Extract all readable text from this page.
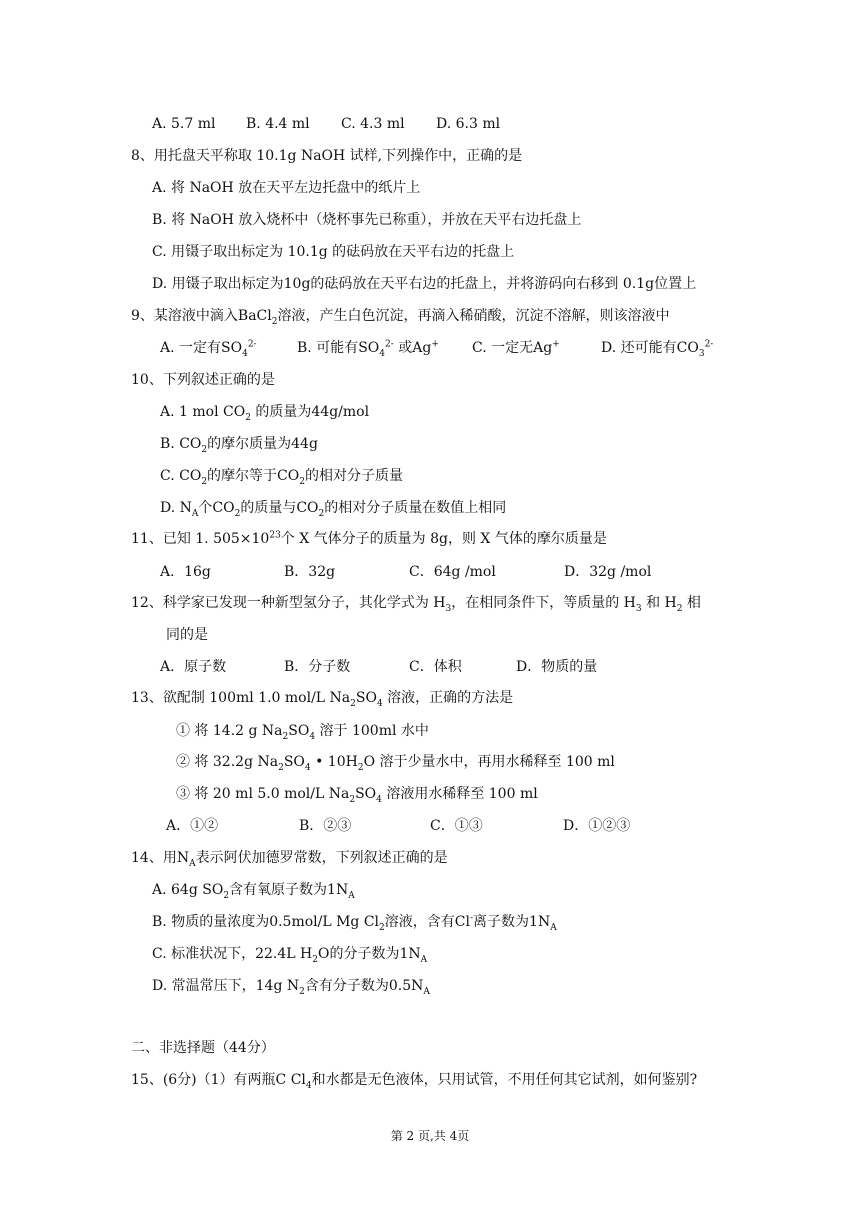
A. 5.7 ml B. 4.4 ml C. 4.3 ml D. 6.3 ml
8、用托盘天平称取 10.1g NaOH 试样,下列操作中，正确的是
A. 将 NaOH 放在天平左边托盘中的纸片上
B. 将 NaOH 放入烧杯中（烧杯事先已称重），并放在天平右边托盘上
C. 用镊子取出标定为 10.1g 的砝码放在天平右边的托盘上
D. 用镊子取出标定为10g的砝码放在天平右边的托盘上，并将游码向右移到 0.1g位置上
9、某溶液中滴入BaCl$_2$溶液，产生白色沉淀，再滴入稀硝酸，沉淀不溶解，则该溶液中
A. 一定有$SO_4^{2-}$	B. 可能有$SO_4^{2-}$ 或Ag+ C. 一定无Ag+	D. 还可能有$CO_3^{2-}$
10、下列叙述正确的是
A. 1 mol $CO_2$ 的质量为44g/mol
B. $CO_2$的摩尔质量为44g
C. $CO_2$的摩尔等于$CO_2$的相对分子质量
D. $N_A$个$CO_2$的质量与$CO_2$的相对分子质量在数值上相同
11、已知 1. $505\times 10^{23}$个 X 气体分子的质量为 8g，则 X 气体的摩尔质量是
A．16g	B．32g	C．64g /mol	D．32g /mol
12、科学家已发现一种新型氢分子，其化学式为 $H_3$，在相同条件下，等质量的 $H_3$ 和 $H_2$ 相
同的是
A．原子数	B．分子数	C．体积	D．物质的量
13、欲配制 100ml 1.0 mol/L $Na_2SO_4$ 溶液，正确的方法是
① 将 14.2 g $Na_2SO_4$ 溶于 100ml 水中
② 将 32.2g $Na_2SO_4$ • $10H_2O$ 溶于少量水中，再用水稀释至 100 ml
③ 将 20 ml 5.0 mol/L $Na_2SO_4$ 溶液用水稀释至 100 ml
A．①②	B．②③	C．①③	D．①②③
14、用$N_A$表示阿伏加德罗常数，下列叙述正确的是
A. 64g $SO_2$含有氧原子数为$1N_A$
B. 物质的量浓度为0.5mol/L Mg $Cl_2$溶液，含有Cl-离子数为$1N_A$
C. 标准状况下，22.4L $H_2O$的分子数为$1N_A$
D. 常温常压下，14g $N_2$含有分子数为$0.5N_A$
二、非选择题（44分）
15、(6分)（1）有两瓶C $Cl_4$和水都是无色液体，只用试管，不用任何其它试剂，如何鉴别?
第 2 页,共 4页
